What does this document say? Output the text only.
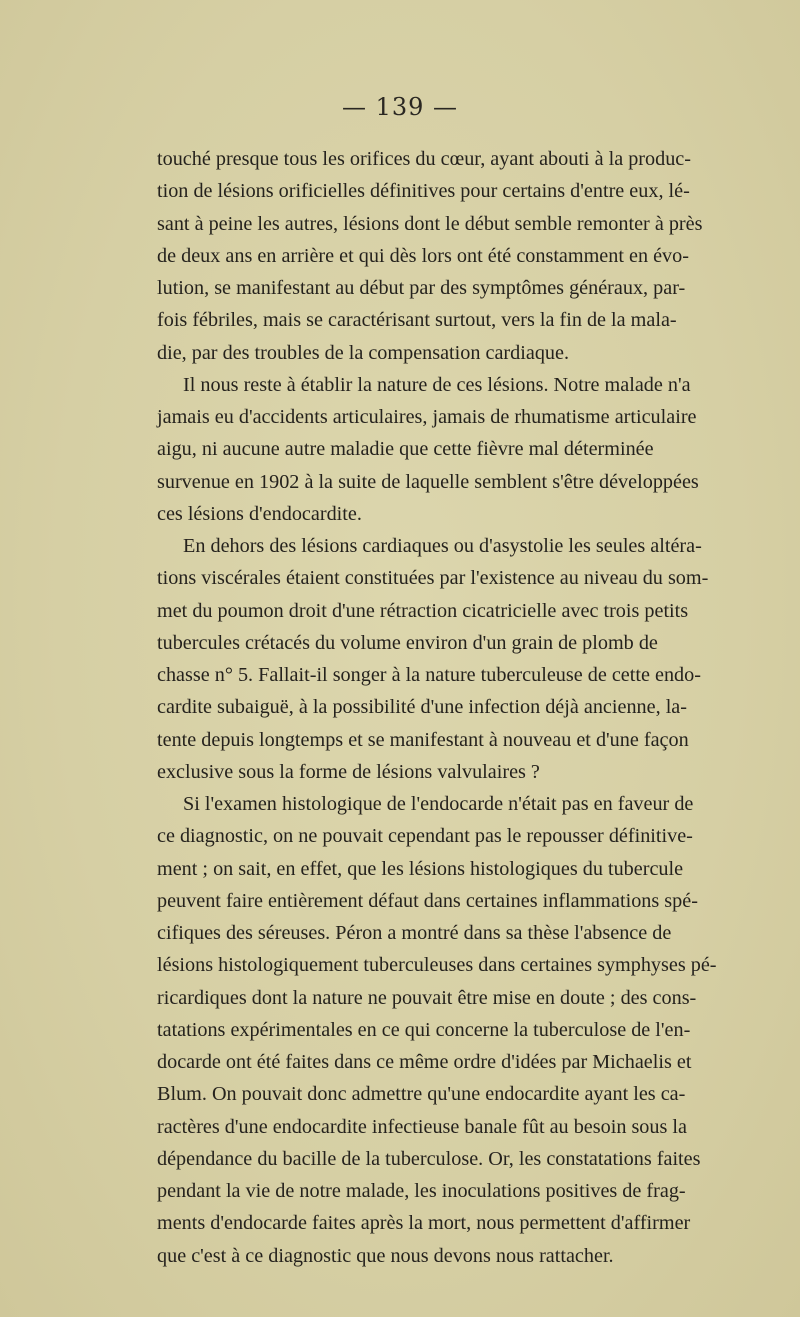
— 139 —
touché presque tous les orifices du cœur, ayant abouti à la produc-
tion de lésions orificielles définitives pour certains d'entre eux, lé-
sant à peine les autres, lésions dont le début semble remonter à près
de deux ans en arrière et qui dès lors ont été constamment en évo-
lution, se manifestant au début par des symptômes généraux, par-
fois fébriles, mais se caractérisant surtout, vers la fin de la mala-
die, par des troubles de la compensation cardiaque.
Il nous reste à établir la nature de ces lésions. Notre malade n'a
jamais eu d'accidents articulaires, jamais de rhumatisme articulaire
aigu, ni aucune autre maladie que cette fièvre mal déterminée
survenue en 1902 à la suite de laquelle semblent s'être développées
ces lésions d'endocardite.
En dehors des lésions cardiaques ou d'asystolie les seules altéra-
tions viscérales étaient constituées par l'existence au niveau du som-
met du poumon droit d'une rétraction cicatricielle avec trois petits
tubercules crétacés du volume environ d'un grain de plomb de
chasse n° 5. Fallait-il songer à la nature tuberculeuse de cette endo-
cardite subaiguë, à la possibilité d'une infection déjà ancienne, la-
tente depuis longtemps et se manifestant à nouveau et d'une façon
exclusive sous la forme de lésions valvulaires ?
Si l'examen histologique de l'endocarde n'était pas en faveur de
ce diagnostic, on ne pouvait cependant pas le repousser définitive-
ment ; on sait, en effet, que les lésions histologiques du tubercule
peuvent faire entièrement défaut dans certaines inflammations spé-
cifiques des séreuses. Péron a montré dans sa thèse l'absence de
lésions histologiquement tuberculeuses dans certaines symphyses pé-
ricardiques dont la nature ne pouvait être mise en doute ; des cons-
tatations expérimentales en ce qui concerne la tuberculose de l'en-
docarde ont été faites dans ce même ordre d'idées par Michaelis et
Blum. On pouvait donc admettre qu'une endocardite ayant les ca-
ractères d'une endocardite infectieuse banale fût au besoin sous la
dépendance du bacille de la tuberculose. Or, les constatations faites
pendant la vie de notre malade, les inoculations positives de frag-
ments d'endocarde faites après la mort, nous permettent d'affirmer
que c'est à ce diagnostic que nous devons nous rattacher.
